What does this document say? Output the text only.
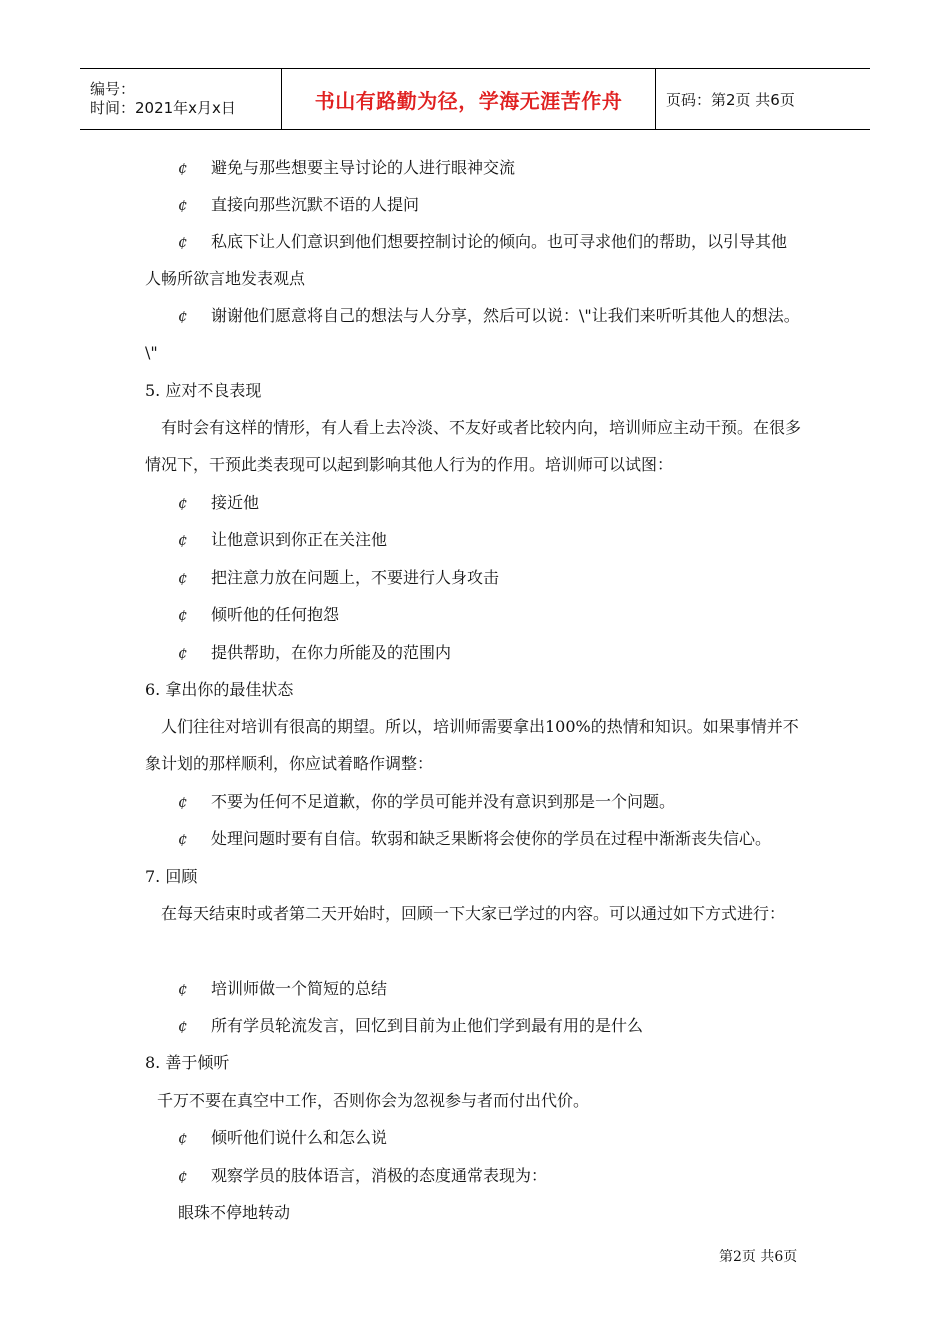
编号：
时间：2021年x月x日	书山有路勤为径，学海无涯苦作舟	页码：第2页 共6页
¢ 避免与那些想要主导讨论的人进行眼神交流
¢ 直接向那些沉默不语的人提问
¢ 私底下让人们意识到他们想要控制讨论的倾向。也可寻求他们的帮助，以引导其他
人畅所欲言地发表观点
¢ 谢谢他们愿意将自己的想法与人分享，然后可以说：\"让我们来听听其他人的想法。
\"
5. 应对不良表现
有时会有这样的情形，有人看上去冷淡、不友好或者比较内向，培训师应主动干预。在很多
情况下，干预此类表现可以起到影响其他人行为的作用。培训师可以试图：
¢ 接近他
¢ 让他意识到你正在关注他
¢ 把注意力放在问题上，不要进行人身攻击
¢ 倾听他的任何抱怨
¢ 提供帮助，在你力所能及的范围内
6. 拿出你的最佳状态
人们往往对培训有很高的期望。所以，培训师需要拿出100%的热情和知识。如果事情并不
象计划的那样顺利，你应试着略作调整：
¢ 不要为任何不足道歉，你的学员可能并没有意识到那是一个问题。
¢ 处理问题时要有自信。软弱和缺乏果断将会使你的学员在过程中渐渐丧失信心。
7. 回顾
在每天结束时或者第二天开始时，回顾一下大家已学过的内容。可以通过如下方式进行：
¢ 培训师做一个简短的总结
¢ 所有学员轮流发言，回忆到目前为止他们学到最有用的是什么
8. 善于倾听
千万不要在真空中工作，否则你会为忽视参与者而付出代价。
¢ 倾听他们说什么和怎么说
¢ 观察学员的肢体语言，消极的态度通常表现为：
眼珠不停地转动
第2页 共6页
